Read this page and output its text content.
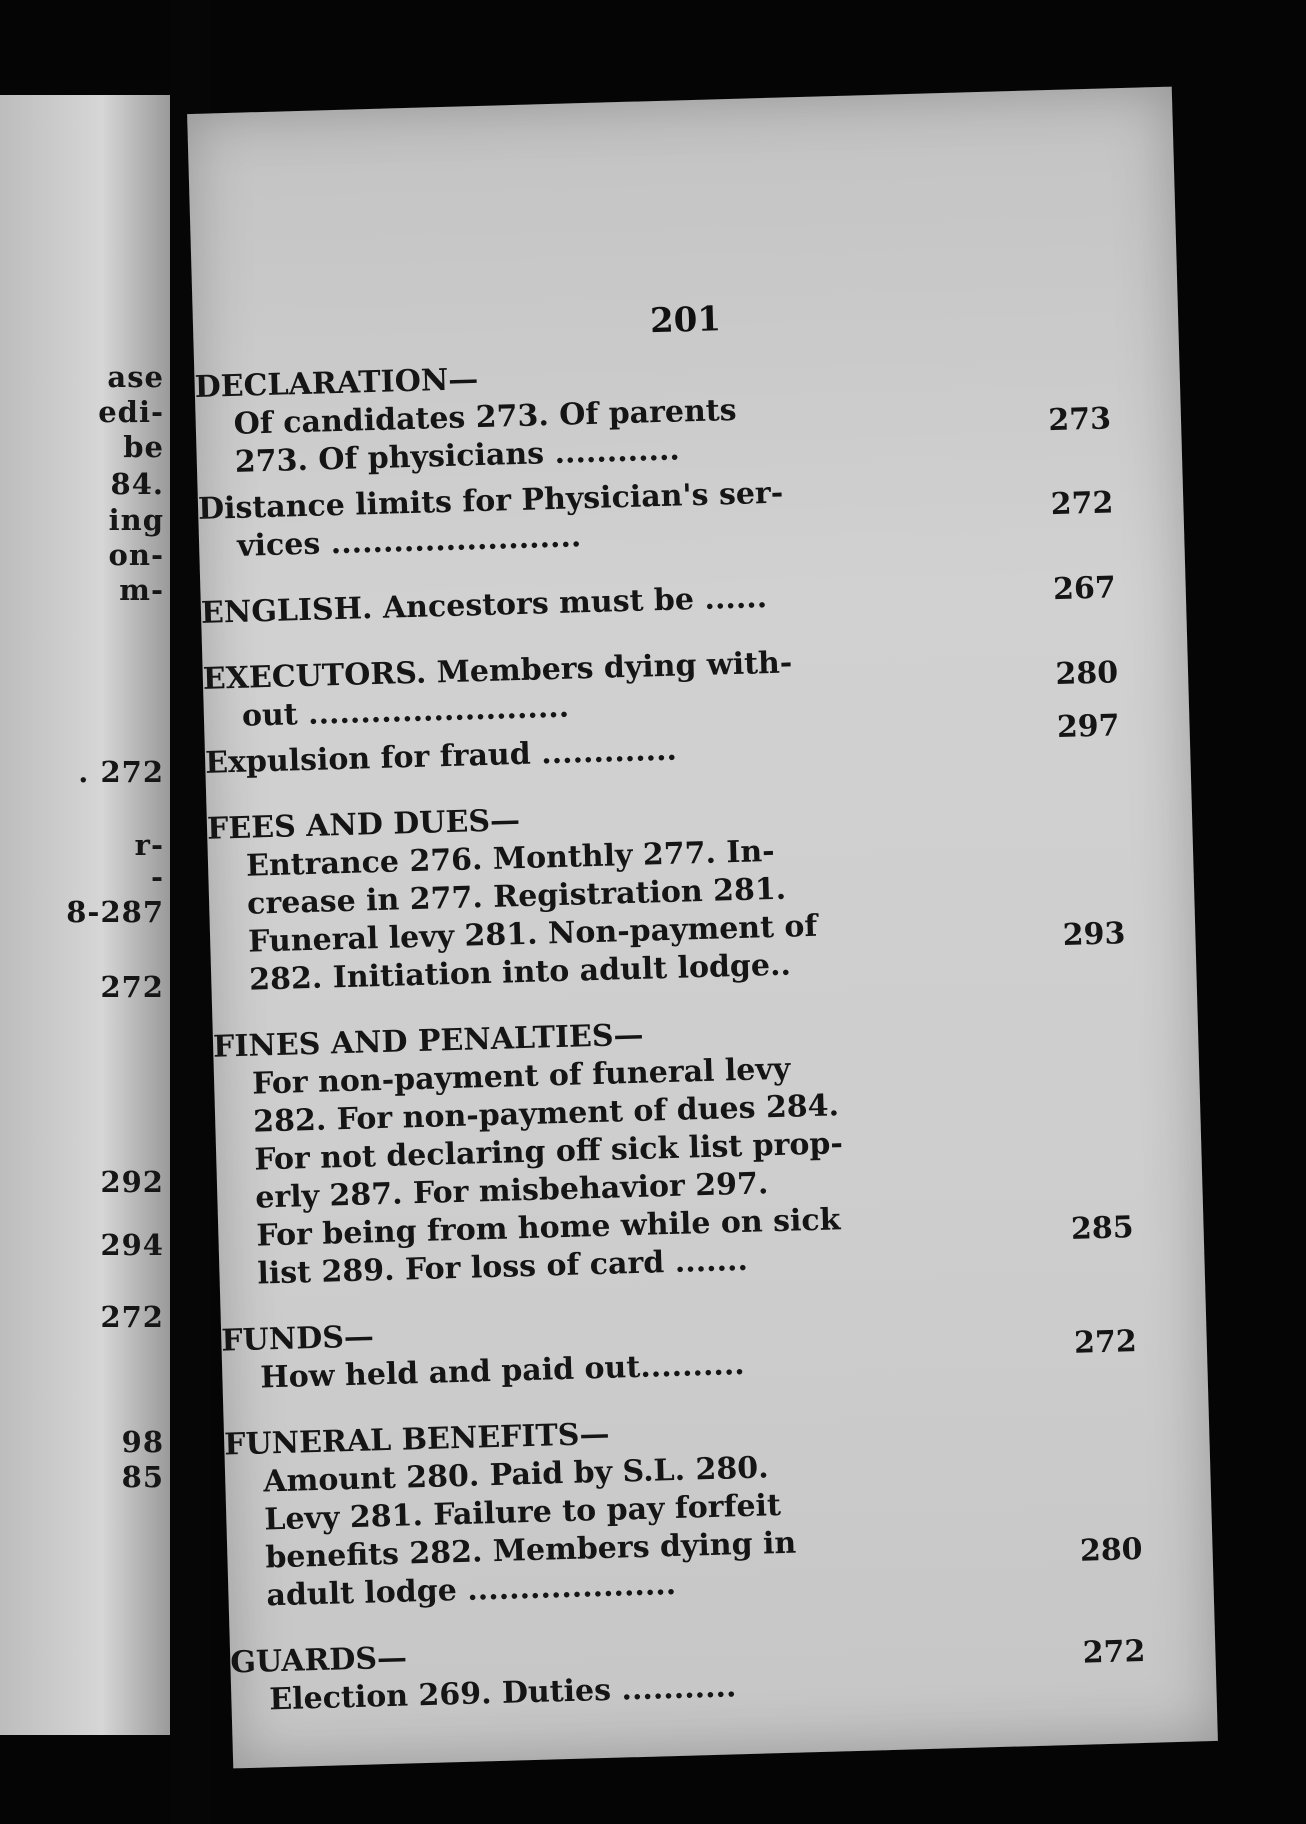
ase
edi-
be
84.
ing
on-
m-
. 272
r-
-
8-287
272
292
294
272
98
85
201
DECLARATION—
Of candidates 273. Of parents
273. Of physicians ............
273
Distance limits for Physician's ser-
vices ........................
272
ENGLISH. Ancestors must be ......	267
EXECUTORS. Members dying with-
out .........................
280
Expulsion for fraud .............
297
FEES AND DUES—
Entrance 276. Monthly 277. In-
crease in 277. Registration 281.
Funeral levy 281. Non-payment of
282. Initiation into adult lodge..
293
FINES AND PENALTIES—
For non-payment of funeral levy
282. For non-payment of dues 284.
For not declaring off sick list prop-
erly 287. For misbehavior 297.
For being from home while on sick
list 289. For loss of card .......
285
FUNDS—
How held and paid out..........
272
FUNERAL BENEFITS—
Amount 280. Paid by S.L. 280.
Levy 281. Failure to pay forfeit
benefits 282. Members dying in
adult lodge ....................
280
GUARDS—
Election 269. Duties ...........
272
